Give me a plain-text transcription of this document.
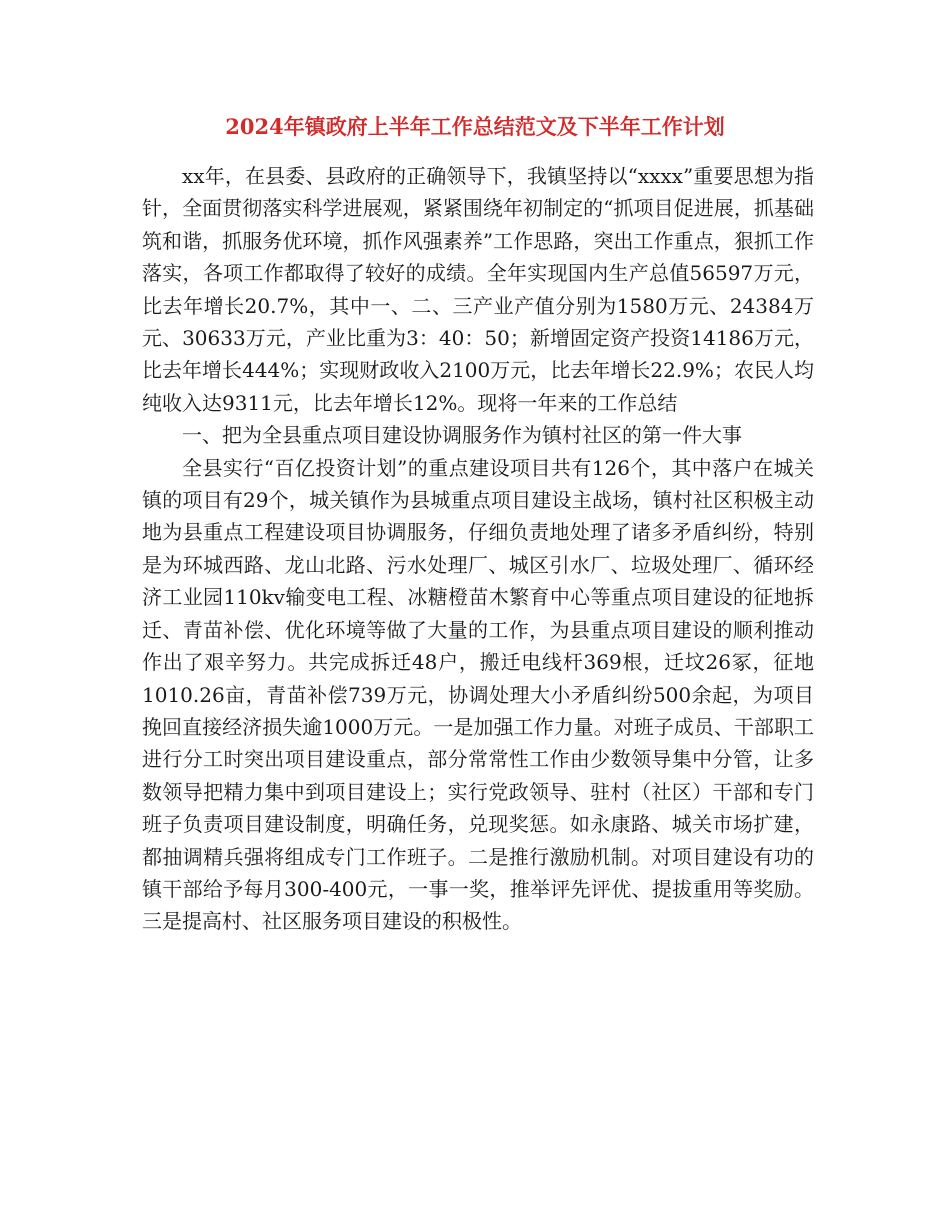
2024年镇政府上半年工作总结范文及下半年工作计划

xx年，在县委、县政府的正确领导下，我镇坚持以“xxxx”重要思想为指针，全面贯彻落实科学进展观，紧紧围绕年初制定的“抓项目促进展，抓基础筑和谐，抓服务优环境，抓作风强素养”工作思路，突出工作重点，狠抓工作落实，各项工作都取得了较好的成绩。全年实现国内生产总值56597万元，比去年增长20.7%，其中一、二、三产业产值分别为1580万元、24384万元、30633万元，产业比重为3：40：50；新增固定资产投资14186万元，比去年增长444%；实现财政收入2100万元，比去年增长22.9%；农民人均纯收入达9311元，比去年增长12%。现将一年来的工作总结

一、把为全县重点项目建设协调服务作为镇村社区的第一件大事

全县实行“百亿投资计划”的重点建设项目共有126个，其中落户在城关镇的项目有29个，城关镇作为县城重点项目建设主战场，镇村社区积极主动地为县重点工程建设项目协调服务，仔细负责地处理了诸多矛盾纠纷，特别是为环城西路、龙山北路、污水处理厂、城区引水厂、垃圾处理厂、循环经济工业园110kv输变电工程、冰糖橙苗木繁育中心等重点项目建设的征地拆迁、青苗补偿、优化环境等做了大量的工作，为县重点项目建设的顺利推动作出了艰辛努力。共完成拆迁48户，搬迁电线杆369根，迁坟26冢，征地1010.26亩，青苗补偿739万元，协调处理大小矛盾纠纷500余起，为项目挽回直接经济损失逾1000万元。一是加强工作力量。对班子成员、干部职工进行分工时突出项目建设重点，部分常常性工作由少数领导集中分管，让多数领导把精力集中到项目建设上；实行党政领导、驻村（社区）干部和专门班子负责项目建设制度，明确任务，兑现奖惩。如永康路、城关市场扩建，都抽调精兵强将组成专门工作班子。二是推行激励机制。对项目建设有功的镇干部给予每月300-400元，一事一奖，推举评先评优、提拔重用等奖励。三是提高村、社区服务项目建设的积极性。
